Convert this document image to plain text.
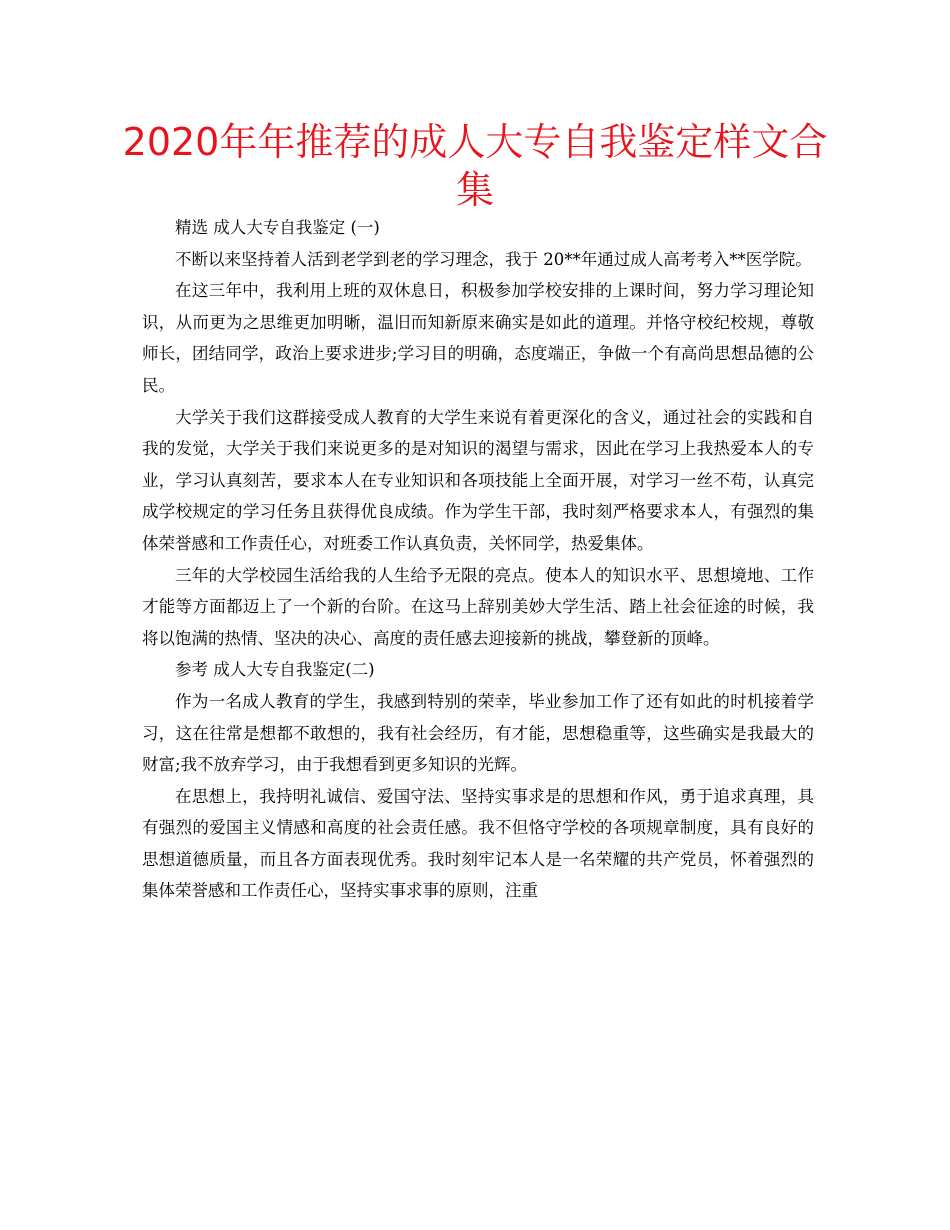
2020年年推荐的成人大专自我鉴定样文合集

精选 成人大专自我鉴定 (一)

不断以来坚持着人活到老学到老的学习理念，我于 20**年通过成人高考考入**医学院。

在这三年中，我利用上班的双休息日，积极参加学校安排的上课时间，努力学习理论知识，从而更为之思维更加明晰，温旧而知新原来确实是如此的道理。并恪守校纪校规，尊敬师长，团结同学，政治上要求进步;学习目的明确，态度端正，争做一个有高尚思想品德的公民。

大学关于我们这群接受成人教育的大学生来说有着更深化的含义，通过社会的实践和自我的发觉，大学关于我们来说更多的是对知识的渴望与需求，因此在学习上我热爱本人的专业，学习认真刻苦，要求本人在专业知识和各项技能上全面开展，对学习一丝不苟，认真完成学校规定的学习任务且获得优良成绩。作为学生干部，我时刻严格要求本人，有强烈的集体荣誉感和工作责任心，对班委工作认真负责，关怀同学，热爱集体。

三年的大学校园生活给我的人生给予无限的亮点。使本人的知识水平、思想境地、工作才能等方面都迈上了一个新的台阶。在这马上辞别美妙大学生活、踏上社会征途的时候，我将以饱满的热情、坚决的决心、高度的责任感去迎接新的挑战，攀登新的顶峰。

参考 成人大专自我鉴定(二)

作为一名成人教育的学生，我感到特别的荣幸，毕业参加工作了还有如此的时机接着学习，这在往常是想都不敢想的，我有社会经历，有才能，思想稳重等，这些确实是我最大的财富;我不放弃学习，由于我想看到更多知识的光辉。

在思想上，我持明礼诚信、爱国守法、坚持实事求是的思想和作风，勇于追求真理，具有强烈的爱国主义情感和高度的社会责任感。我不但恪守学校的各项规章制度，具有良好的思想道德质量，而且各方面表现优秀。我时刻牢记本人是一名荣耀的共产党员，怀着强烈的集体荣誉感和工作责任心，坚持实事求事的原则，注重
